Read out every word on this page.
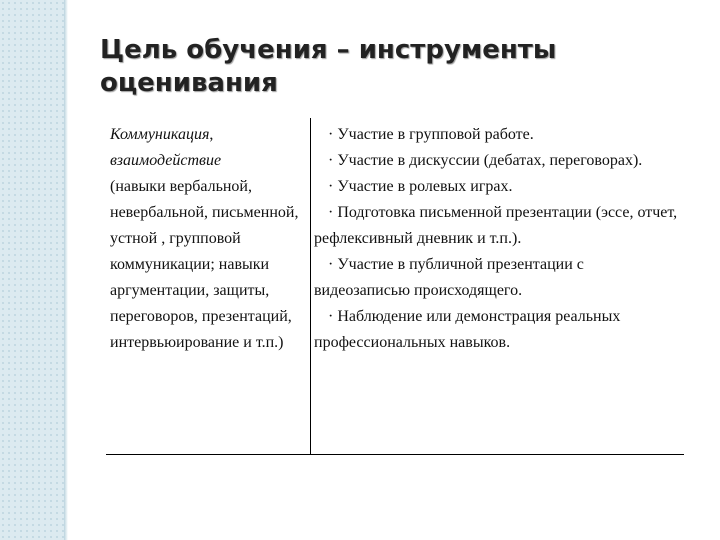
Цель обучения – инструменты оценивания
Коммуникация,
взаимодействие
(навыки вербальной, невербальной, письменной, устной , групповой коммуникации; навыки аргументации, защиты, переговоров, презентаций, интервьюирование и т.п.)
· Участие в групповой работе.
· Участие в дискуссии (дебатах, переговорах).
· Участие в ролевых играх.
· Подготовка письменной презентации (эссе, отчет, рефлексивный дневник и т.п.).
· Участие в публичной презентации с видеозаписью происходящего.
· Наблюдение или демонстрация реальных профессиональных навыков.
